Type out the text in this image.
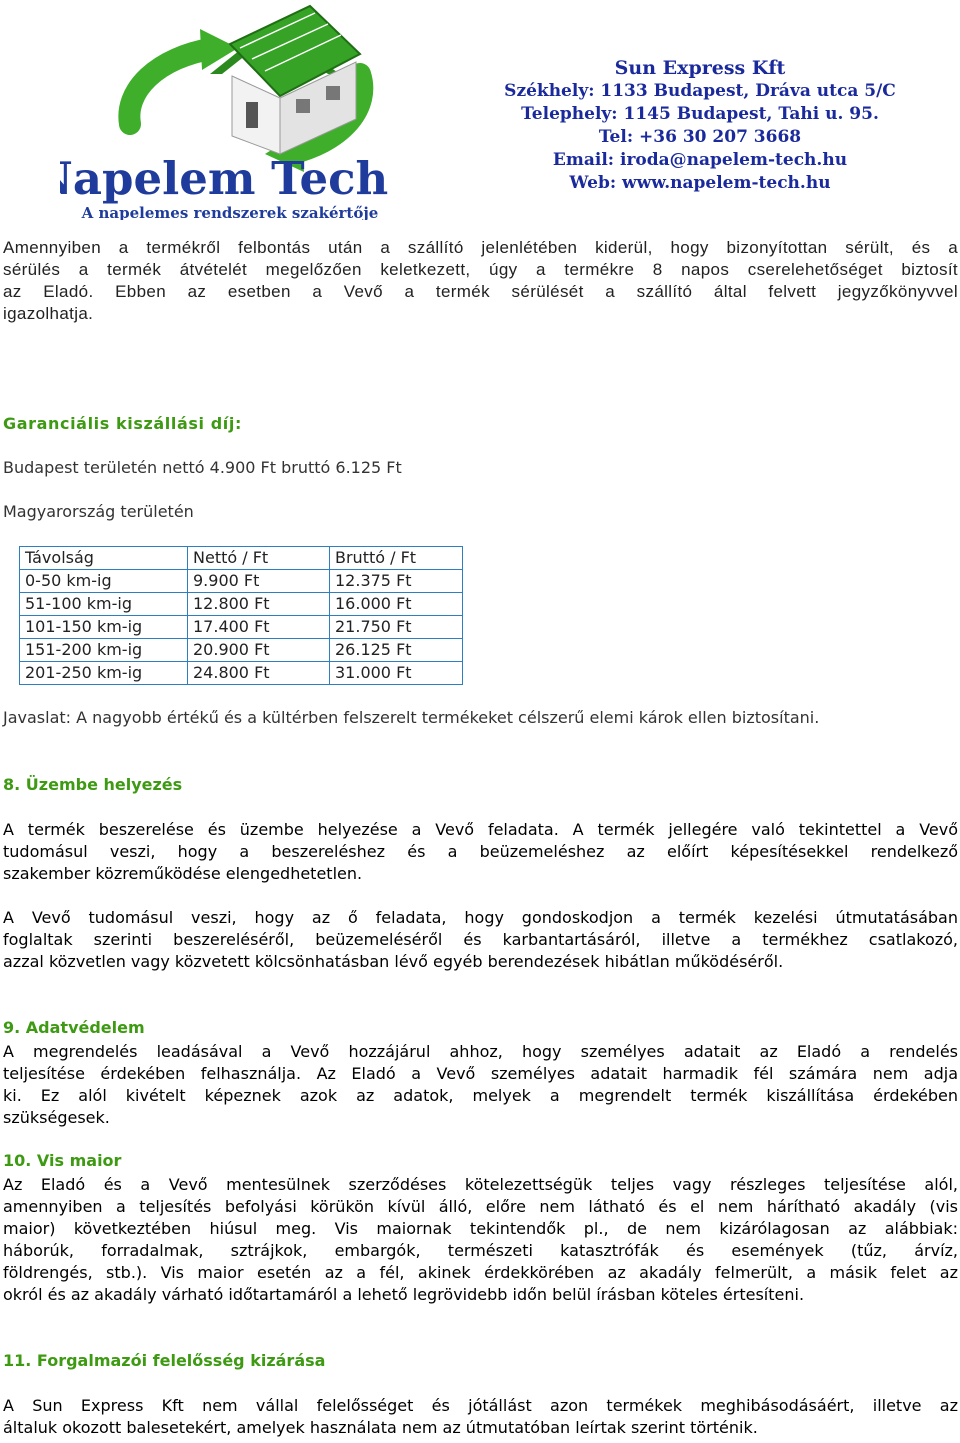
Napelem Tech
A napelemes rendszerek szakértője
Sun Express Kft
Székhely: 1133 Budapest, Dráva utca 5/C
Telephely: 1145 Budapest, Tahi u. 95.
Tel: +36 30 207 3668
Email: iroda@napelem-tech.hu
Web: www.napelem-tech.hu
Amennyiben a termékről felbontás után a szállító jelenlétében kiderül, hogy bizonyítottan sérült, és a
sérülés a termék átvételét megelőzően keletkezett, úgy a termékre 8 napos cserelehetőséget biztosít
az Eladó. Ebben az esetben a Vevő a termék sérülését a szállító által felvett jegyzőkönyvvel
igazolhatja.
Garanciális kiszállási díj:
Budapest területén nettó 4.900 Ft bruttó 6.125 Ft
Magyarország területén
Távolság	Nettó / Ft	Bruttó / Ft
0-50 km-ig	9.900 Ft	12.375 Ft
51-100 km-ig	12.800 Ft	16.000 Ft
101-150 km-ig	17.400 Ft	21.750 Ft
151-200 km-ig	20.900 Ft	26.125 Ft
201-250 km-ig	24.800 Ft	31.000 Ft
Javaslat: A nagyobb értékű és a kültérben felszerelt termékeket célszerű elemi károk ellen biztosítani.
8. Üzembe helyezés
A termék beszerelése és üzembe helyezése a Vevő feladata. A termék jellegére való tekintettel a Vevő
tudomásul veszi, hogy a beszereléshez és a beüzemeléshez az előírt képesítésekkel rendelkező
szakember közreműködése elengedhetetlen.
A Vevő tudomásul veszi, hogy az ő feladata, hogy gondoskodjon a termék kezelési útmutatásában
foglaltak szerinti beszereléséről, beüzemeléséről és karbantartásáról, illetve a termékhez csatlakozó,
azzal közvetlen vagy közvetett kölcsönhatásban lévő egyéb berendezések hibátlan működéséről.
9. Adatvédelem
A megrendelés leadásával a Vevő hozzájárul ahhoz, hogy személyes adatait az Eladó a rendelés
teljesítése érdekében felhasználja. Az Eladó a Vevő személyes adatait harmadik fél számára nem adja
ki. Ez alól kivételt képeznek azok az adatok, melyek a megrendelt termék kiszállítása érdekében
szükségesek.
10. Vis maior
Az Eladó és a Vevő mentesülnek szerződéses kötelezettségük teljes vagy részleges teljesítése alól,
amennyiben a teljesítés befolyási körükön kívül álló, előre nem látható és el nem hárítható akadály (vis
maior) következtében hiúsul meg. Vis maiornak tekintendők pl., de nem kizárólagosan az alábbiak:
háborúk, forradalmak, sztrájkok, embargók, természeti katasztrófák és események (tűz, árvíz,
földrengés, stb.). Vis maior esetén az a fél, akinek érdekkörében az akadály felmerült, a másik felet az
okról és az akadály várható időtartamáról a lehető legrövidebb időn belül írásban köteles értesíteni.
11. Forgalmazói felelősség kizárása
A Sun Express Kft nem vállal felelősséget és jótállást azon termékek meghibásodásáért, illetve az
általuk okozott balesetekért, amelyek használata nem az útmutatóban leírtak szerint történik.
